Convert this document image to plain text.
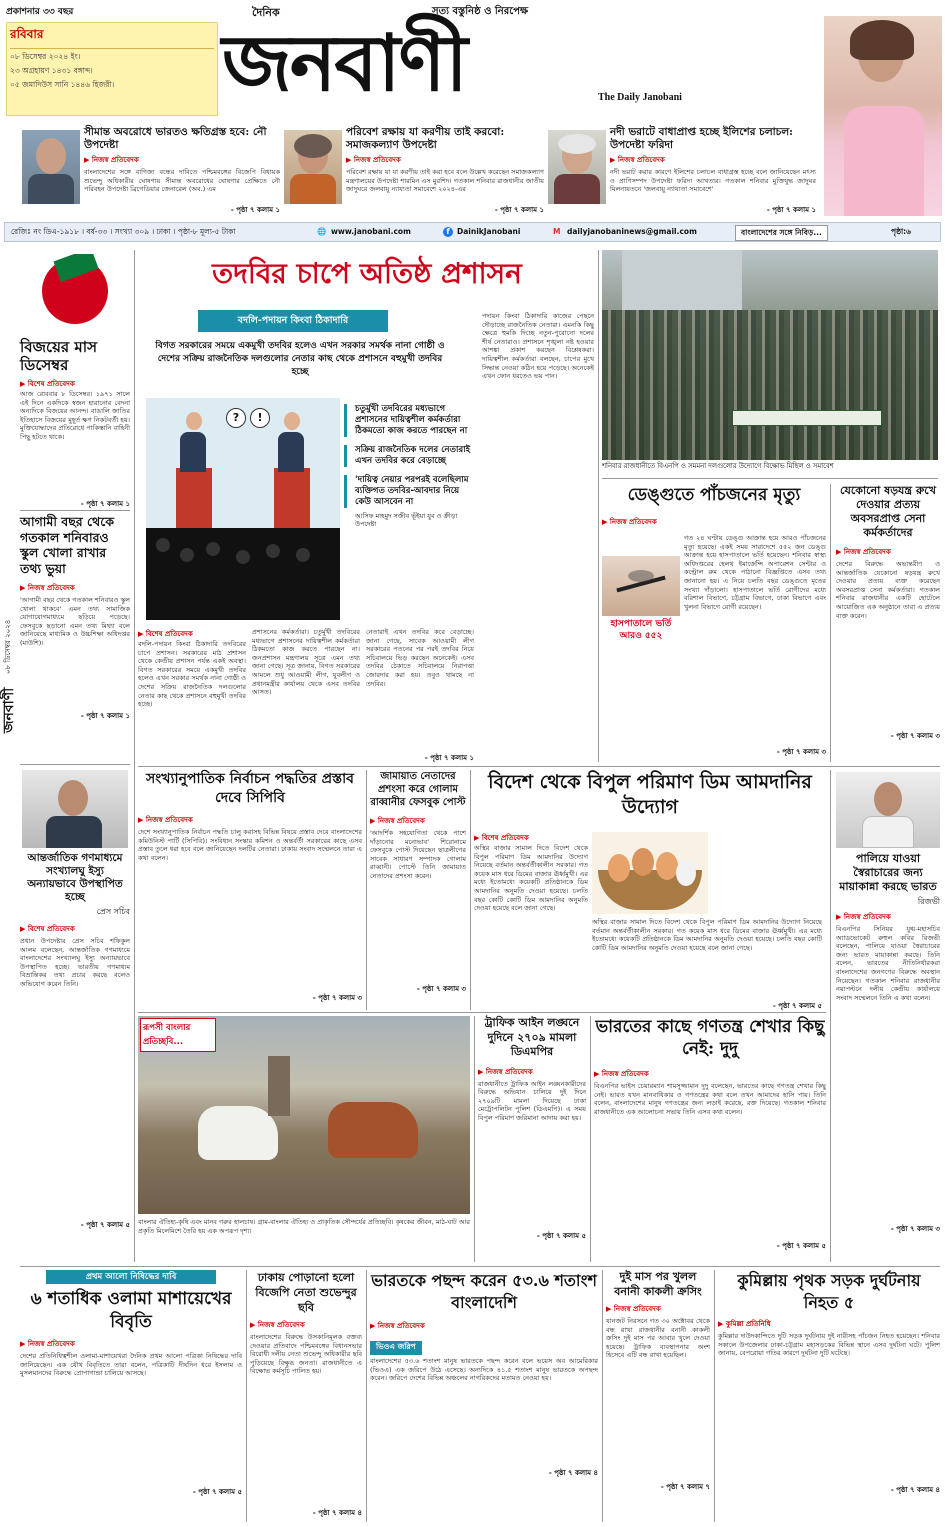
প্রকাশনার ৩৩ বছর
রবিবার
০৮ ডিসেম্বর ২০২৪ ইং।
২৩ অগ্রহায়ণ ১৪৩১ বঙ্গাব্দ।
০৫ জমাদিউস সানি ১৪৪৬ হিজরী।
দৈনিক	সত্য বস্তুনিষ্ঠ ও নিরপেক্ষ
জনবাণী	The Daily Janobani
সীমান্ত অবরোধে ভারতও ক্ষতিগ্রস্ত হবে: নৌ উপদেষ্টা
▶ নিজস্ব প্রতিবেদক
বাংলাদেশের সঙ্গে বাণিজ্য বন্ধের দাবিতে পশ্চিমবঙ্গের বিজেপি বিধায়ক শুভেন্দু অধিকারীর ঘোষণায় সীমান্ত অবরোধের ঘোষণার প্রেক্ষিতে নৌ পরিবহন উপদেষ্টা ব্রিগেডিয়ার জেনারেল (অব.) এম
- পৃষ্ঠা ৭ কলাম ১
পরিবেশ রক্ষায় যা করণীয় তাই করবো: সমাজকল্যাণ উপদেষ্টা
▶ নিজস্ব প্রতিবেদক
পরিবেশ রক্ষায় যা যা করণীয় তাই করা হবে বলে উল্লেখ করেছেন সমাজকল্যাণ মন্ত্রণালয়ের উপদেষ্টা শারমিন এস মুরশিদ। গতকাল শনিবার রাজধানীর জাতীয় জাদুঘরে জলবায়ু ন্যায্যতা সমাবেশে ২০২৪-এর
- পৃষ্ঠা ৭ কলাম ১
নদী ভরাটে বাধাপ্রাপ্ত হচ্ছে ইলিশের চলাচল: উপদেষ্টা ফরিদা
▶ নিজস্ব প্রতিবেদক
নদী ভরাট করার কারণে ইলিশের চলাচল বাধাগ্রস্ত হচ্ছে বলে জানিয়েছেন মৎস্য ও প্রাণিসম্পদ উপদেষ্টা ফরিদা আখতার। গতকাল শনিবার মুক্তিযুদ্ধ জাদুঘর মিলনায়তনে 'জলবায়ু ন্যায্যতা সমাবেশে'
- পৃষ্ঠা ৭ কলাম ১
রেজিঃ নং ডিএ-১৯১৮ । বর্ষ-৩৩ । সংখ্যা ৩০৯ । ঢাকা । পৃষ্ঠা-৮ মূল্য-৫ টাকা	🌐 www.janobani.com	f DainikJanobani	M dailyjanobaninews@gmail.com	বাংলাদেশের সঙ্গে নিবিড়...	পৃষ্ঠা:৬
বিজয়ের মাস ডিসেম্বর
▶ বিশেষ প্রতিবেদক
আজ রোববার ৮ ডিসেম্বর। ১৯৭১ সালে এই দিনে একদিকে স্বজন হারানোর বেদনা অন্যদিকে বিজয়ের আনন্দ। বাঙালি জাতির ইতিহাসে বিজয়ের মুহূর্ত ক্ষণ নিকটবর্তী হয়। মুক্তিযোদ্ধাদের প্রতিরোধে পাকিস্তানি বাহিনী পিছু হটতে থাকে।
- পৃষ্ঠা ৭ কলাম ১
আগামী বছর থেকে গতকাল শনিবারও স্কুল খোলা রাখার তথ্য ভুয়া
▶ নিজস্ব প্রতিবেদক
'আগামী বছর থেকে গতকাল শনিবারও স্কুল খোলা থাকবে' এমন তথ্য সামাজিক যোগাযোগমাধ্যমে ছড়িয়ে পড়েছে। ফেসবুকে ছড়ানো এমন তথ্য মিথ্যা বলে জানিয়েছে মাধ্যমিক ও উচ্চশিক্ষা অধিদপ্তর (মাউশি)।
- পৃষ্ঠা ৭ কলাম ১
জনবাণী
০৮ ডিসেম্বর ২০২৪
আন্তর্জাতিক গণমাধ্যমে সংখ্যালঘু ইস্যু অন্যায়ভাবে উপস্থাপিত হচ্ছে
প্রেস সচিব
▶ বিশেষ প্রতিবেদক
প্রধান উপদেষ্টার প্রেস সচিব শফিকুল আলম বলেছেন, আন্তর্জাতিক গণমাধ্যমে বাংলাদেশের সংখ্যালঘু ইস্যু অন্যায়ভাবে উপস্থাপিত হচ্ছে। ভারতীয় গণমাধ্যম বিভ্রান্তিকর তথ্য প্রচার করছে বলেও অভিযোগ করেন তিনি।
- পৃষ্ঠা ৭ কলাম ৫
তদবির চাপে অতিষ্ঠ প্রশাসন
বদলি-পদায়ন কিংবা ঠিকাদারি
বিগত সরকারের সময়ে একমুখী তদবির হলেও এখন সরকার সমর্থক নানা গোষ্ঠী ও দেশের সক্রিয় রাজনৈতিক দলগুলোর নেতার কাছ থেকে প্রশাসনে বহুমুখী তদবির হচ্ছে
?	!
চতুর্মুখী তদবিরের মধ্যভাগে প্রশাসনের দায়িত্বশীল কর্মকর্তারা ঠিকমতো কাজ করতে পারছেন না
সক্রিয় রাজনৈতিক দলের নেতারাই এখন তদবির করে বেড়াচ্ছে
'দায়িত্ব নেয়ার পরপরই বলেছিলাম ব্যক্তিগত তদবির-আবদার নিয়ে কেউ আসবেন না
আসিফ মাহমুদ সজীব ভূঁইয়া যুব ও ক্রীড়া উপদেষ্টা
▶ বিশেষ প্রতিবেদক
বদলি-পদায়ন কিংবা ঠিকাদারি তদবিরের চাপে প্রশাসন। সরকারের মাঠ প্রশাসন থেকে কেন্দ্রীয় প্রশাসন পর্যন্ত একই অবস্থা। বিগত সরকারের সময়ে একমুখী তদবির হলেও এখন সরকার সমর্থক নানা গোষ্ঠী ও দেশের সক্রিয় রাজনৈতিক দলগুলোর নেতার কাছ থেকে প্রশাসনে বহুমুখী তদবির হচ্ছে।
প্রশাসনের কর্মকর্তারা। চতুর্মুখী তদবিরের মধ্যভাগে প্রশাসনের দায়িত্বশীল কর্মকর্তারা ঠিকমতো কাজ করতে পারছেন না। জনপ্রশাসন মন্ত্রণালয় সূত্রে এমন তথ্য জানা গেছে। সূত্র জানায়, বিগত সরকারের আমলে শুধু আওয়ামী লীগ, যুবলীগ ও প্রধানমন্ত্রীর কার্যালয় থেকে এসব তদবির আসত।
নেতারাই এখন তদবির করে বেড়াচ্ছে। জানা গেছে, সাবেক আওয়ামী লীগ সরকারের পতনের পর পরই তদবির নিয়ে সচিবালয়ে ভিড় করছেন অনেকেই। এসব তদবির ঠেকাতে সচিবালয়ে নিরাপত্তা জোরদার করা হয়। তবুও থামছে না তদবির।
- পৃষ্ঠা ৭ কলাম ১
পদায়ন কিংবা ঠিকাদারি কাজের পেছনে দৌড়াচ্ছে রাজনৈতিক নেতারা। এমনকি কিছু ক্ষেত্রে হুমকি দিচ্ছে নতুন-পুরোনো দলের শীর্ষ নেতারাও। প্রশাসনে শৃঙ্খলা নষ্ট হওয়ার আশঙ্কা প্রকাশ করছেন বিশ্লেষকরা। দায়িত্বশীল কর্মকর্তারা বলছেন, চাপের মুখে সিদ্ধান্ত নেওয়া কঠিন হয়ে পড়েছে। অনেকেই এখন ফোন ধরতেও ভয় পান।
শনিবার রাজধানীতে বিএনপি ও সমমনা দলগুলোর উদ্যোগে বিক্ষোভ মিছিল ও সমাবেশ
ডেঙ্গুতে পাঁচজনের মৃত্যু
▶ নিজস্ব প্রতিবেদক
হাসপাতালে ভর্তি আরও ৫৫২
গত ২৪ ঘণ্টায় ডেঙ্গু আক্রান্ত হয়ে আরও পাঁচজনের মৃত্যু হয়েছে। একই সময় সারাদেশে ৫৫২ জন ডেঙ্গু আক্রান্ত হয়ে হাসপাতালে ভর্তি হয়েছেন। শনিবার স্বাস্থ্য অধিদপ্তরের হেলথ ইমার্জেন্সি অপারেশন সেন্টার ও কন্ট্রোল রুম থেকে পাঠানো বিজ্ঞপ্তিতে এসব তথ্য জানানো হয়। এ নিয়ে চলতি বছর ডেঙ্গুতে মৃতের সংখ্যা দাঁড়ালো। হাসপাতালে ভর্তি রোগীদের মধ্যে বরিশাল বিভাগে, চট্টগ্রাম বিভাগে, ঢাকা বিভাগে এবং খুলনা বিভাগে রোগী রয়েছেন।
- পৃষ্ঠা ৭ কলাম ৩
যেকোনো ষড়যন্ত্র রুখে দেওয়ার প্রত্যয় অবসরপ্রাপ্ত সেনা কর্মকর্তাদের
▶ নিজস্ব প্রতিবেদক
দেশের বিরুদ্ধে অভ্যন্তরীণ ও আন্তর্জাতিক যেকোনো ষড়যন্ত্র রুখে দেওয়ার প্রত্যয় ব্যক্ত করেছেন অবসরপ্রাপ্ত সেনা কর্মকর্তারা। গতকাল শনিবার রাজধানীর একটি হোটেলে আয়োজিত এক অনুষ্ঠানে তারা এ প্রত্যয় ব্যক্ত করেন।
- পৃষ্ঠা ৭ কলাম ৩
সংখ্যানুপাতিক নির্বাচন পদ্ধতির প্রস্তাব দেবে সিপিবি
▶ নিজস্ব প্রতিবেদক
দেশে সংখ্যানুপাতিক নির্বাচন পদ্ধতি চালু করাসহ বিভিন্ন বিষয়ে প্রস্তাব দেবে বাংলাদেশের কমিউনিস্ট পার্টি (সিপিবি)। সংবিধান সংস্কার কমিশন ও অন্তর্বর্তী সরকারের কাছে এসব প্রস্তাব তুলে ধরা হবে বলে জানিয়েছেন দলটির নেতারা। ঢাকায় সংবাদ সম্মেলনে তারা এ কথা বলেন।
- পৃষ্ঠা ৭ কলাম ৩
জামায়াত নেতাদের প্রশংসা করে গোলাম রাব্বানীর ফেসবুক পোস্ট
▶ নিজস্ব প্রতিবেদক
'আদর্শিক সহযোগিতা থেকে পাশে দাঁড়ানোর মনোভাব' শিরোনামে ফেসবুকে পোস্ট দিয়েছেন ছাত্রলীগের সাবেক সাধারণ সম্পাদক গোলাম রাব্বানী। পোস্টে তিনি জামায়াত নেতাদের প্রশংসা করেন।
- পৃষ্ঠা ৭ কলাম ৩
বিদেশ থেকে বিপুল পরিমাণ ডিম আমদানির উদ্যোগ
▶ বিশেষ প্রতিবেদক
অস্থির বাজার সামাল দিতে বিদেশ থেকে বিপুল পরিমাণ ডিম আমদানির উদ্যোগ নিয়েছে বর্তমান অন্তর্বর্তীকালীন সরকার। গত কয়েক মাস ধরে ডিমের বাজার ঊর্ধ্বমুখী। এর মধ্যে ইতোমধ্যে কয়েকটি প্রতিষ্ঠানকে ডিম আমদানির অনুমতি দেওয়া হয়েছে। চলতি বছর কোটি কোটি ডিম আমদানির অনুমতি দেওয়া হয়েছে বলে জানা গেছে।
অস্থির বাজার সামাল দিতে বিদেশ থেকে বিপুল পরিমাণ ডিম আমদানির উদ্যোগ নিয়েছে বর্তমান অন্তর্বর্তীকালীন সরকার। গত কয়েক মাস ধরে ডিমের বাজার ঊর্ধ্বমুখী। এর মধ্যে ইতোমধ্যে কয়েকটি প্রতিষ্ঠানকে ডিম আমদানির অনুমতি দেওয়া হয়েছে। চলতি বছর কোটি কোটি ডিম আমদানির অনুমতি দেওয়া হয়েছে বলে জানা গেছে।
- পৃষ্ঠা ৭ কলাম ৫
পালিয়ে যাওয়া স্বৈরাচারের জন্য মায়াকান্না করছে ভারত
রিজভী
▶ নিজস্ব প্রতিবেদক
বিএনপির সিনিয়র যুগ্ম-মহাসচিব অ্যাডভোকেট রুহুল কবির রিজভী বলেছেন, পালিয়ে যাওয়া স্বৈরাচারের জন্য ভারত মায়াকান্না করছে। তিনি বলেন, ভারতের নীতিনির্ধারকরা বাংলাদেশের জনগণের বিরুদ্ধে অবস্থান নিয়েছেন। গতকাল শনিবার রাজধানীর নয়াপল্টনে দলীয় কেন্দ্রীয় কার্যালয়ে সংবাদ সম্মেলনে তিনি এ কথা বলেন।
- পৃষ্ঠা ৭ কলাম ৩
রূপসী বাংলার প্রতিচ্ছবি...
বাংলার ঐতিহ্য-কৃষি এবং মানব গরুর হালচাষ। গ্রাম-বাংলার ঐতিহ্য ও প্রাকৃতিক সৌন্দর্যের প্রতিচ্ছবি। কৃষকের জীবন, মাঠ-ঘাট আর প্রকৃতি মিলেমিশে তৈরি হয় এক অপরূপ দৃশ্য।
ট্রাফিক আইন লঙ্ঘনে দুদিনে ২৭০৯ মামলা ডিএমপির
▶ নিজস্ব প্রতিবেদক
রাজধানীতে ট্রাফিক আইন লঙ্ঘনকারীদের বিরুদ্ধে অভিযান চালিয়ে দুই দিনে ২৭০৯টি মামলা দিয়েছে ঢাকা মেট্রোপলিটন পুলিশ (ডিএমপি)। এ সময় বিপুল পরিমাণ জরিমানা আদায় করা হয়।
- পৃষ্ঠা ৭ কলাম ৫
ভারতের কাছে গণতন্ত্র শেখার কিছু নেই: দুদু
▶ নিজস্ব প্রতিবেদক
বিএনপির ভাইস চেয়ারম্যান শামসুজ্জামান দুদু বলেছেন, ভারতের কাছে গণতন্ত্র শেখার কিছু নেই। ভারত যখন মানবাধিকার ও গণতন্ত্রের কথা বলে তখন আমাদের হাসি পায়। তিনি বলেন, বাংলাদেশের মানুষ গণতন্ত্রের জন্য লড়াই করেছে, রক্ত দিয়েছে। গতকাল শনিবার রাজধানীতে এক আলোচনা সভায় তিনি এসব কথা বলেন।
- পৃষ্ঠা ৭ কলাম ৫
প্রথম আলো নিষিদ্ধের দাবি
৬ শতাধিক ওলামা মাশায়েখের বিবৃতি
▶ নিজস্ব প্রতিবেদক
দেশের প্রতিনিধিত্বশীল ওলামা-মাশায়েখরা দৈনিক প্রথম আলো পত্রিকা নিষিদ্ধের দাবি জানিয়েছেন। এক যৌথ বিবৃতিতে তারা বলেন, পত্রিকাটি দীর্ঘদিন ধরে ইসলাম ও মুসলমানদের বিরুদ্ধে প্রোপাগান্ডা চালিয়ে আসছে।
- পৃষ্ঠা ৭ কলাম ৫
ঢাকায় পোড়ানো হলো বিজেপি নেতা শুভেন্দুর ছবি
▶ নিজস্ব প্রতিবেদক
বাংলাদেশের বিরুদ্ধে উসকানিমূলক বক্তব্য দেওয়ার প্রতিবাদে পশ্চিমবঙ্গের বিধানসভার বিরোধী দলীয় নেতা শুভেন্দু অধিকারীর ছবি পুড়িয়েছে বিক্ষুব্ধ জনতা। রাজধানীতে এ বিক্ষোভ কর্মসূচি পালিত হয়।
- পৃষ্ঠা ৭ কলাম ৪
ভারতকে পছন্দ করেন ৫৩.৬ শতাংশ বাংলাদেশি
▶ নিজস্ব প্রতিবেদক
ভিওএ জরিপ
বাংলাদেশের ৫৩.৬ শতাংশ মানুষ ভারতকে পছন্দ করেন বলে ভয়েস অব আমেরিকার (ভিওএ) এক জরিপে উঠে এসেছে। অন্যদিকে ৪১.৫ শতাংশ মানুষ ভারতকে অপছন্দ করেন। জরিপে দেশের বিভিন্ন অঞ্চলের নাগরিকদের মতামত নেওয়া হয়।
- পৃষ্ঠা ৭ কলাম ৪
দুই মাস পর খুলল বনানী কাকলী ক্রসিং
▶ নিজস্ব প্রতিবেদক
যানজট নিরসনে গত ৩০ অক্টোবর থেকে বন্ধ রাখা রাজধানীর বনানী কাকলী ক্রসিং দুই মাস পর আবার খুলে দেওয়া হয়েছে। ট্রাফিক ব্যবস্থাপনার অংশ হিসেবে এটি বন্ধ রাখা হয়েছিল।
- পৃষ্ঠা ৭ কলাম ৭
কুমিল্লায় পৃথক সড়ক দুর্ঘটনায় নিহত ৫
▶ কুমিল্লা প্রতিনিধি
কুমিল্লার দাউদকান্দিতে দুটি সড়ক দুর্ঘটনায় দুই নারীসহ পাঁচজন নিহত হয়েছেন। শনিবার সকালে উপজেলার ঢাকা-চট্টগ্রাম মহাসড়কের বিভিন্ন স্থানে এসব দুর্ঘটনা ঘটে। পুলিশ জানায়, বেপরোয়া গতির কারণে দুর্ঘটনা দুটি ঘটেছে।
- পৃষ্ঠা ৭ কলাম ৪
